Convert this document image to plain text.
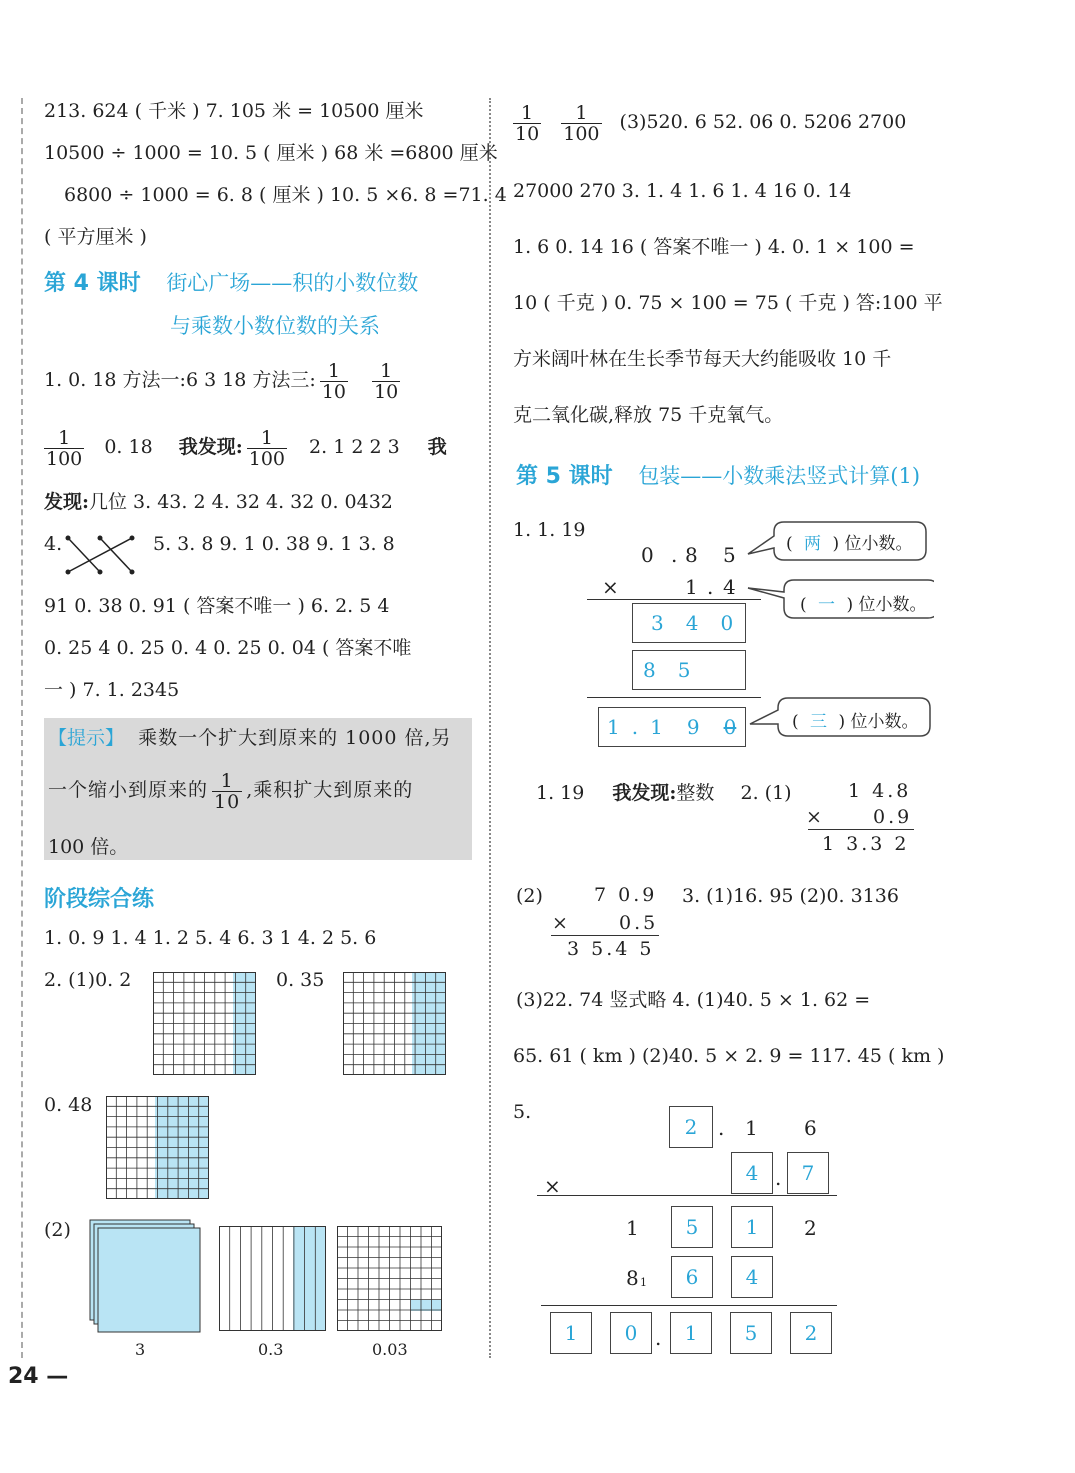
213. 624 ( 千米 ) 7. 105 米 = 10500 厘米
10500 ÷ 1000 = 10. 5 ( 厘米 ) 68 米 =6800 厘米
6800 ÷ 1000 = 6. 8 ( 厘米 ) 10. 5 ×6. 8 =71. 4
( 平方厘米 )
第 4 课时 街心广场——积的小数位数
与乘数小数位数的关系
1. 0. 18 方法一:6 3 18 方法三: $\frac{1}{10}$
$\frac{1}{10}$
$\frac{1}{100} 0$. 18 我发现: $\frac{1}{100} 2$. 1 2 2 3 我
发现:几位 3. 43. 2 4. 32 4. 32 0. 0432
4.	5. 3. 8 9. 1 0. 38 9. 1 3. 8
91 0. 38 0. 91 ( 答案不唯一 ) 6. 2. 5 4
0. 25 4 0. 25 0. 4 0. 25 0. 04 ( 答案不唯
一 ) 7. 1. 2345
【提示】 乘数一个扩大到原来的 1000 倍,另
一个缩小到原来的 $\frac{1}{10}$ ,乘积扩大到原来的
100 倍。
阶段综合练
1. 0. 9 1. 4 1. 2 5. 4 6. 3 1 4. 2 5. 6
2. (1)0. 2	0. 35
0. 48
(2)
3	0.3	0.03
24 —
$\frac{1}{10}$
$\frac{1}{100} (3)520$. 6 52. 06 0. 5206 2700
27000 270 3. 1. 4 1. 6 1. 4 16 0. 14
1. 6 0. 14 16 ( 答案不唯一 ) 4. 0. 1 × 100 =
10 ( 千克 ) 0. 75 × 100 = 75 ( 千克 ) 答:100 平
方米阔叶林在生长季节每天大约能吸收 10 千
克二氧化碳,释放 75 千克氧气。
第 5 课时 包装——小数乘法竖式计算(1)
1. 1. 19
0 . 8 5
×	1 . 4
340
85
1 . 1 9 0
( 两 ) 位小数。
( 一 ) 位小数。
( 三 ) 位小数。
1. 19 我发现:整数 2. (1)	1 4.8
×	0.9
1 3.3 2
(2)	7 0.9 3. (1)16. 95 (2)0. 3136
×	0.5
3 5.4 5
(3)22. 74 竖式略 4. (1)40. 5 × 1. 62 =
65. 61 ( km ) (2)40. 5 × 2. 9 = 117. 45 ( km )
5.
2	. 1 6
×
4 .	7
1	5	1	2
8 1	6	4
1	0 .	1	5	2
